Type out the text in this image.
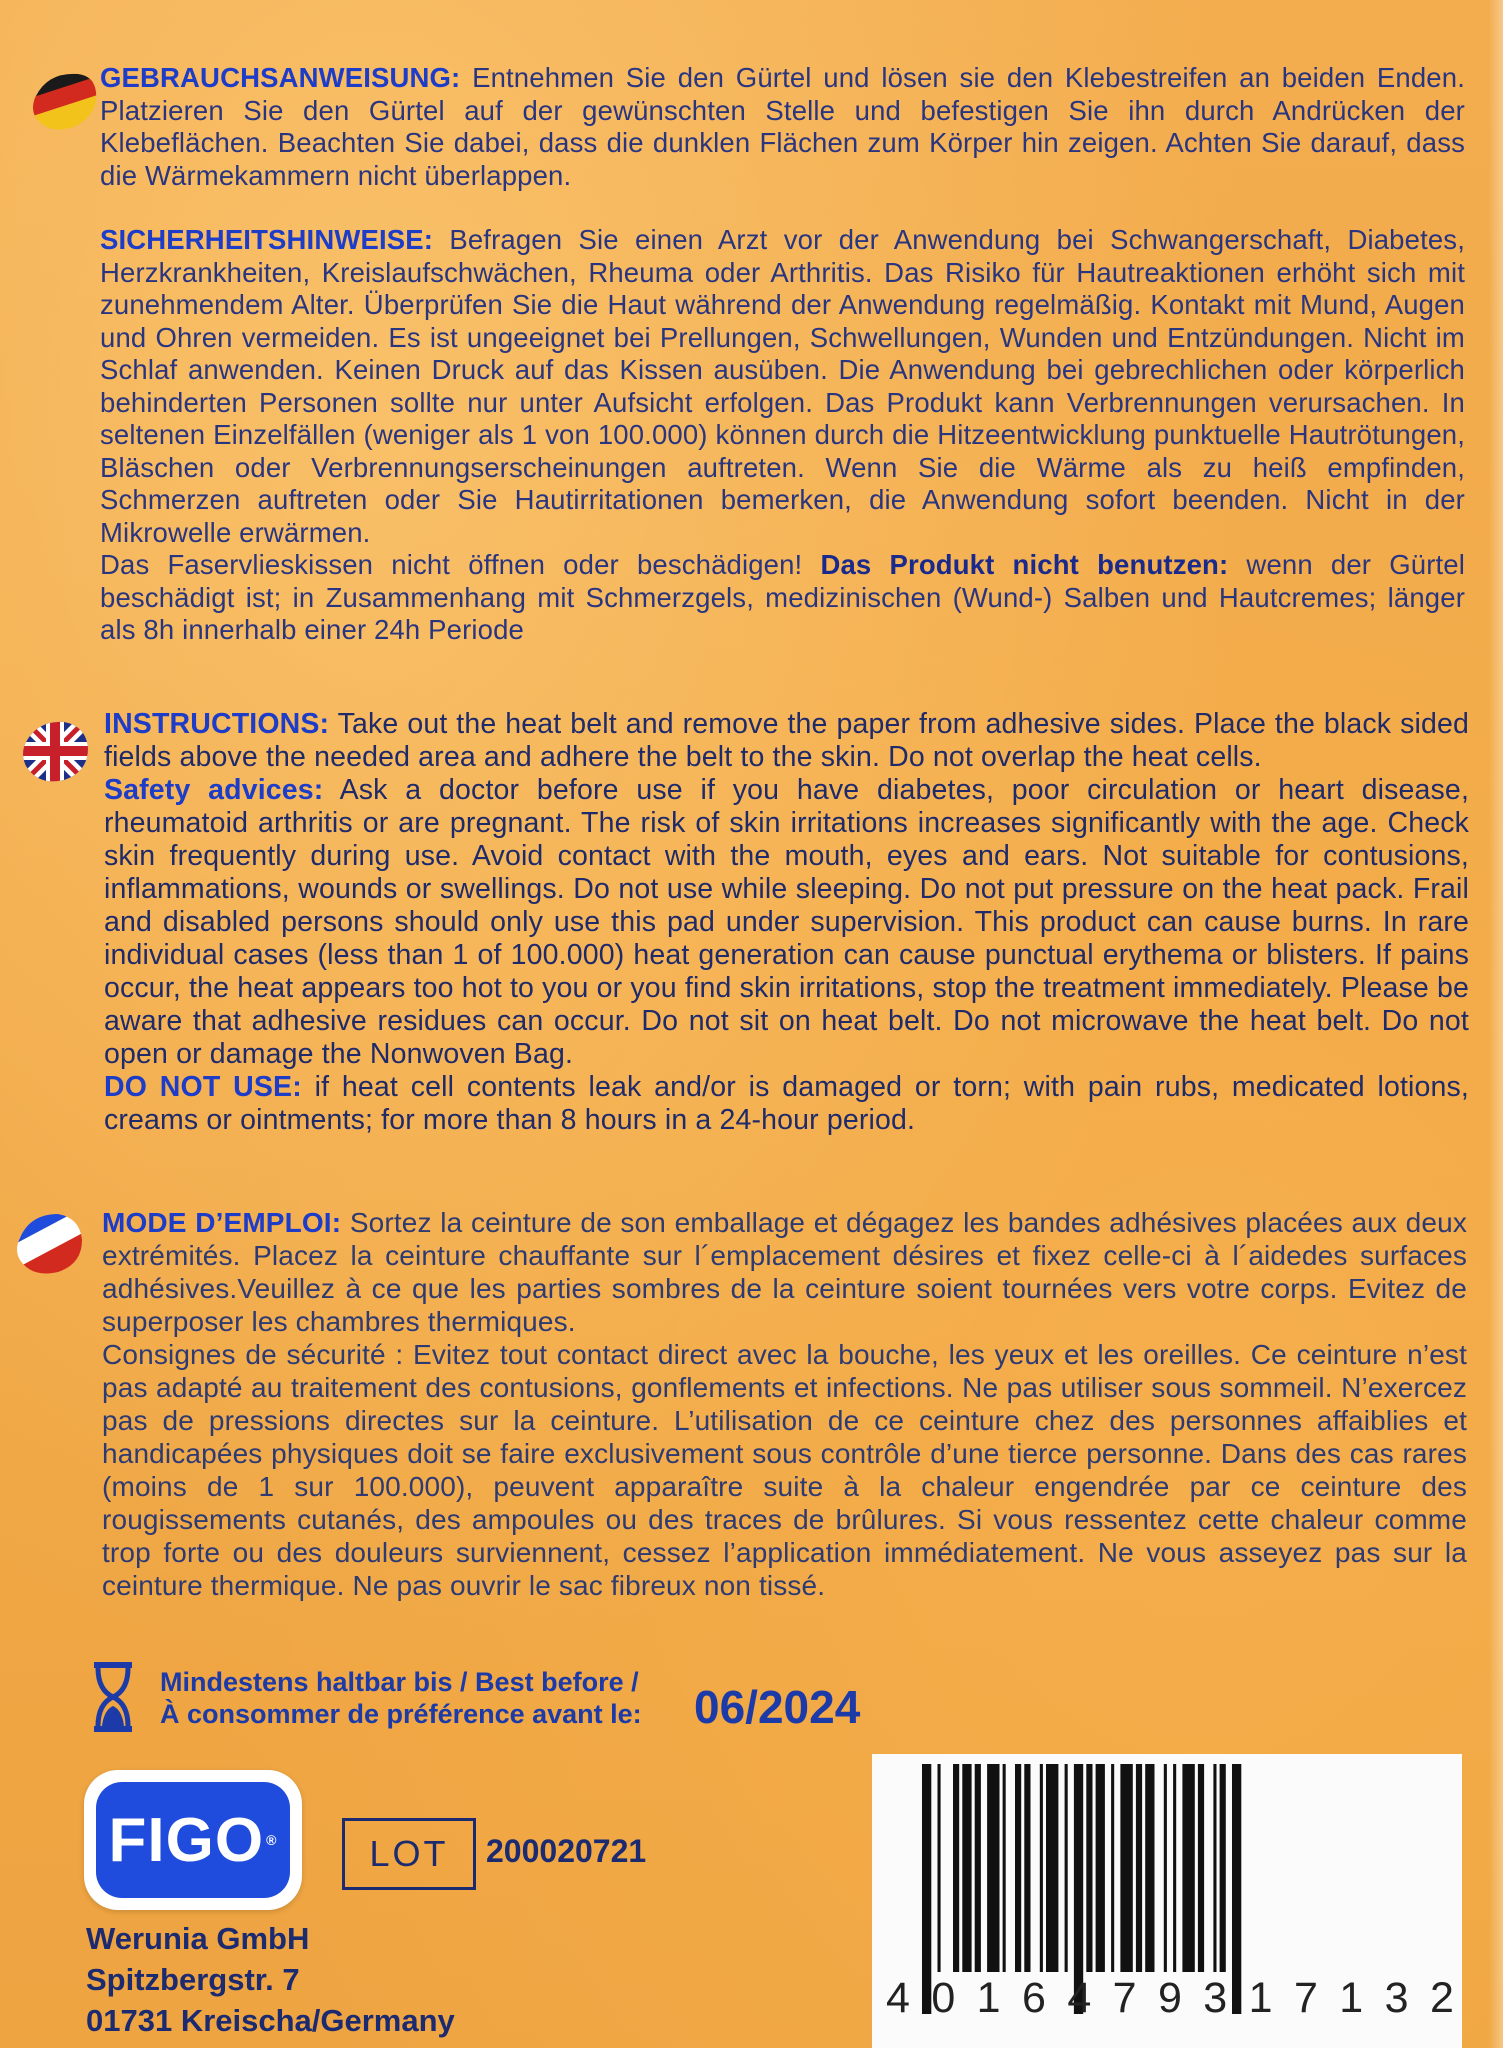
GEBRAUCHSANWEISUNG: Entnehmen Sie den Gürtel und lösen sie den Klebestreifen an beiden Enden. Platzieren Sie den Gürtel auf der gewünschten Stelle und befestigen Sie ihn durch Andrücken der Klebeflächen. Beachten Sie dabei, dass die dunklen Flächen zum Körper hin zeigen. Achten Sie darauf, dass die Wärmekammern nicht überlappen.

SICHERHEITSHINWEISE: Befragen Sie einen Arzt vor der Anwendung bei Schwangerschaft, Diabetes, Herzkrankheiten, Kreislaufschwächen, Rheuma oder Arthritis. Das Risiko für Hautreaktionen erhöht sich mit zunehmendem Alter. Überprüfen Sie die Haut während der Anwendung regelmäßig. Kontakt mit Mund, Augen und Ohren vermeiden. Es ist ungeeignet bei Prellungen, Schwellungen, Wunden und Entzündungen. Nicht im Schlaf anwenden. Keinen Druck auf das Kissen ausüben. Die Anwendung bei gebrechlichen oder körperlich behinderten Personen sollte nur unter Aufsicht erfolgen. Das Produkt kann Verbrennungen verursachen. In seltenen Einzelfällen (weniger als 1 von 100.000) können durch die Hitzeentwicklung punktuelle Hautrötungen, Bläschen oder Verbrennungserscheinungen auftreten. Wenn Sie die Wärme als zu heiß empfinden, Schmerzen auftreten oder Sie Hautirritationen bemerken, die Anwendung sofort beenden. Nicht in der Mikrowelle erwärmen.

Das Faservlieskissen nicht öffnen oder beschädigen! Das Produkt nicht benutzen: wenn der Gürtel beschädigt ist; in Zusammenhang mit Schmerzgels, medizinischen (Wund-) Salben und Hautcremes; länger als 8h innerhalb einer 24h Periode

INSTRUCTIONS: Take out the heat belt and remove the paper from adhesive sides. Place the black sided fields above the needed area and adhere the belt to the skin. Do not overlap the heat cells.

Safety advices: Ask a doctor before use if you have diabetes, poor circulation or heart disease, rheumatoid arthritis or are pregnant. The risk of skin irritations increases significantly with the age. Check skin frequently during use. Avoid contact with the mouth, eyes and ears. Not suitable for contusions, inflammations, wounds or swellings. Do not use while sleeping. Do not put pressure on the heat pack. Frail and disabled persons should only use this pad under supervision. This product can cause burns. In rare individual cases (less than 1 of 100.000) heat generation can cause punctual erythema or blisters. If pains occur, the heat appears too hot to you or you find skin irritations, stop the treatment immediately. Please be aware that adhesive residues can occur. Do not sit on heat belt. Do not microwave the heat belt. Do not open or damage the Nonwoven Bag.

DO NOT USE: if heat cell contents leak and/or is damaged or torn; with pain rubs, medicated lotions, creams or ointments; for more than 8 hours in a 24-hour period.

MODE D’EMPLOI: Sortez la ceinture de son emballage et dégagez les bandes adhésives placées aux deux extrémités. Placez la ceinture chauffante sur l´emplacement désires et fixez celle-ci à l´aidedes surfaces adhésives.Veuillez à ce que les parties sombres de la ceinture soient tournées vers votre corps. Evitez de superposer les chambres thermiques.

Consignes de sécurité : Evitez tout contact direct avec la bouche, les yeux et les oreilles. Ce ceinture n’est pas adapté au traitement des contusions, gonflements et infections. Ne pas utiliser sous sommeil. N’exercez pas de pressions directes sur la ceinture. L’utilisation de ce ceinture chez des personnes affaiblies et handicapées physiques doit se faire exclusivement sous contrôle d’une tierce personne. Dans des cas rares (moins de 1 sur 100.000), peuvent apparaître suite à la chaleur engendrée par ce ceinture des rougissements cutanés, des ampoules ou des traces de brûlures. Si vous ressentez cette chaleur comme trop forte ou des douleurs surviennent, cessez l’application immédiatement. Ne vous asseyez pas sur la ceinture thermique. Ne pas ouvrir le sac fibreux non tissé.

Mindestens haltbar bis / Best before /
À consommer de préférence avant le: 06/2024
FIGO ®	LOT 200020721
Werunia GmbH
Spitzbergstr. 7
01731 Kreischa/Germany	4 0 1 6 4 7 9 3 1 7 1 3 2
